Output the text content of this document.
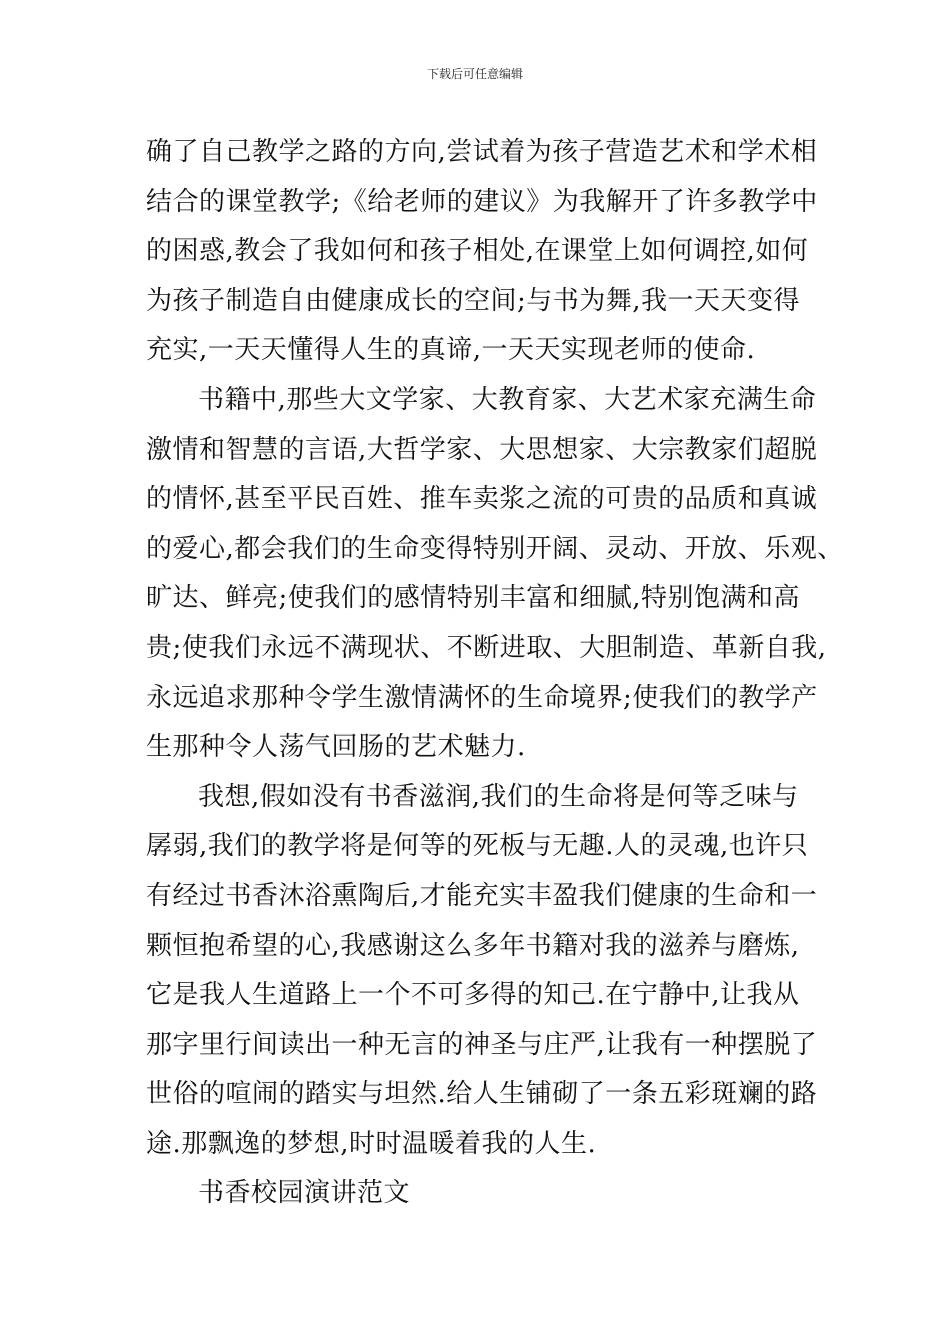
下载后可任意编辑

确了自己教学之路的方向,尝试着为孩子营造艺术和学术相

结合的课堂教学;《给老师的建议》为我解开了许多教学中

的困惑,教会了我如何和孩子相处,在课堂上如何调控,如何

为孩子制造自由健康成长的空间;与书为舞,我一天天变得

充实,一天天懂得人生的真谛,一天天实现老师的使命.

书籍中,那些大文学家、大教育家、大艺术家充满生命

激情和智慧的言语,大哲学家、大思想家、大宗教家们超脱

的情怀,甚至平民百姓、推车卖浆之流的可贵的品质和真诚

的爱心,都会我们的生命变得特别开阔、灵动、开放、乐观、

旷达、鲜亮;使我们的感情特别丰富和细腻,特别饱满和高

贵;使我们永远不满现状、不断进取、大胆制造、革新自我,

永远追求那种令学生激情满怀的生命境界;使我们的教学产

生那种令人荡气回肠的艺术魅力.

我想,假如没有书香滋润,我们的生命将是何等乏味与

孱弱,我们的教学将是何等的死板与无趣.人的灵魂,也许只

有经过书香沐浴熏陶后,才能充实丰盈我们健康的生命和一

颗恒抱希望的心,我感谢这么多年书籍对我的滋养与磨炼,

它是我人生道路上一个不可多得的知己.在宁静中,让我从

那字里行间读出一种无言的神圣与庄严,让我有一种摆脱了

世俗的喧闹的踏实与坦然.给人生铺砌了一条五彩斑斓的路

途.那飘逸的梦想,时时温暖着我的人生.

书香校园演讲范文
